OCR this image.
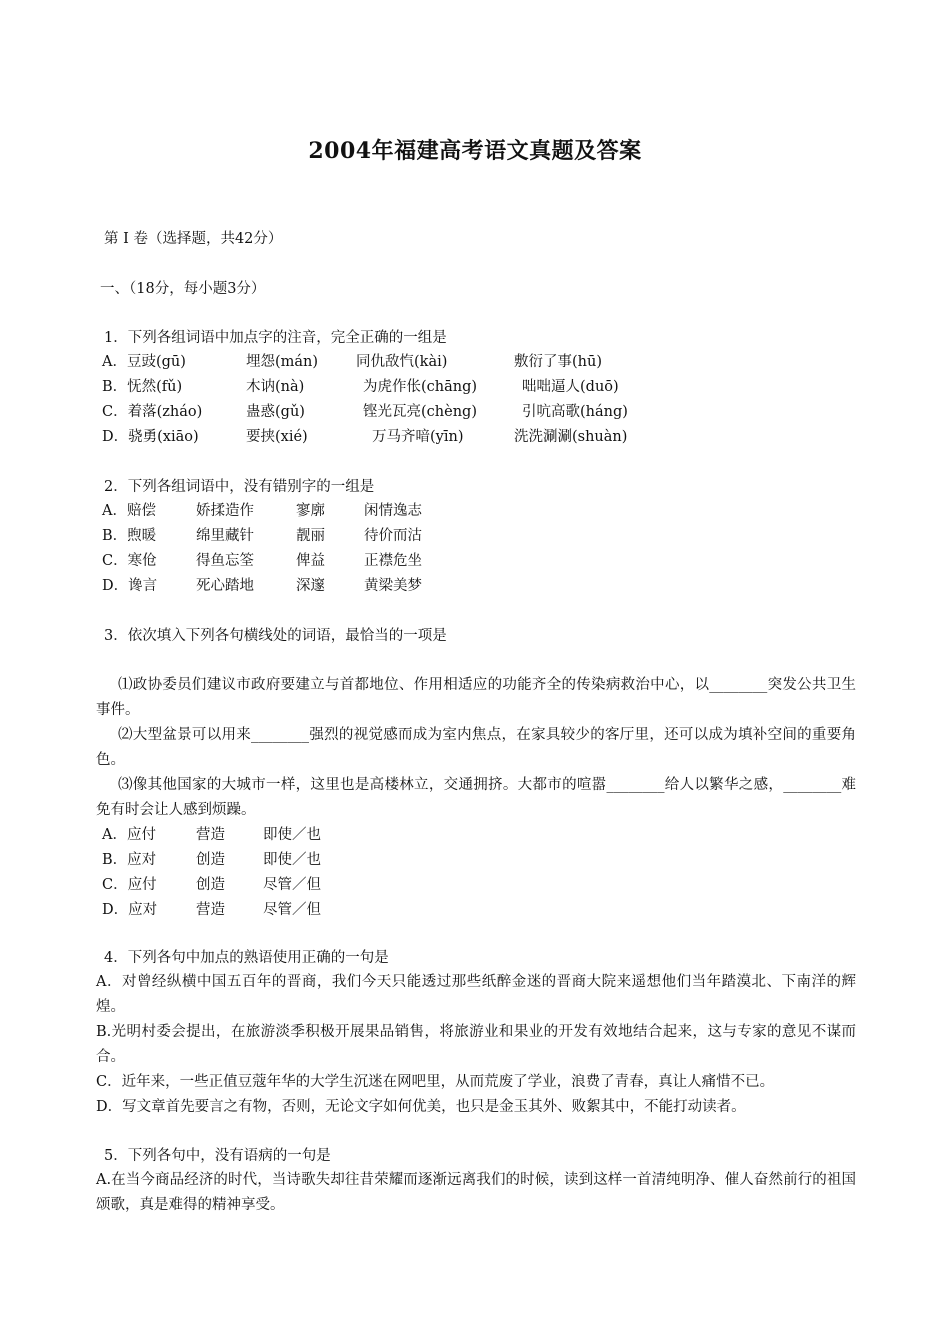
2004年福建高考语文真题及答案
第 I 卷（选择题，共42分）
一、（18分，每小题3分）
1．下列各组词语中加点字的注音，完全正确的一组是
A．豆豉(gū)	埋怨(mán)	同仇敌忾(kài)	敷衍了事(hū)
B．怃然(fǔ)	木讷(nà)	为虎作伥(chāng)	咄咄逼人(duō)
C．着落(zháo)	蛊惑(gǔ)	铿光瓦亮(chèng)	引吭高歌(háng)
D．骁勇(xiāo)	要挟(xié)	万马齐喑(yīn)	洗洗涮涮(shuàn)
2．下列各组词语中，没有错别字的一组是
A．赔偿	娇揉造作	寥廓	闲情逸志
B．煦暖	绵里藏针	靓丽	待价而沽
C．寒伧	得鱼忘筌	俾益	正襟危坐
D．谗言	死心踏地	深邃	黄梁美梦
3．依次填入下列各句横线处的词语，最恰当的一项是
⑴政协委员们建议市政府要建立与首都地位、作用相适应的功能齐全的传染病救治中心，以________突发公共卫生事件。
⑵大型盆景可以用来________强烈的视觉感而成为室内焦点，在家具较少的客厅里，还可以成为填补空间的重要角色。
⑶像其他国家的大城市一样，这里也是高楼林立，交通拥挤。大都市的喧嚣________给人以繁华之感，________难免有时会让人感到烦躁。
A．应付	营造	即使／也
B．应对	创造	即使／也
C．应付	创造	尽管／但
D．应对	营造	尽管／但
4．下列各句中加点的熟语使用正确的一句是
A．对曾经纵横中国五百年的晋商，我们今天只能透过那些纸醉金迷的晋商大院来遥想他们当年踏漠北、下南洋的辉煌。
B.光明村委会提出，在旅游淡季积极开展果品销售，将旅游业和果业的开发有效地结合起来，这与专家的意见不谋而合。
C．近年来，一些正值豆蔻年华的大学生沉迷在网吧里，从而荒废了学业，浪费了青春，真让人痛惜不已。
D．写文章首先要言之有物，否则，无论文字如何优美，也只是金玉其外、败絮其中，不能打动读者。
5．下列各句中，没有语病的一句是
A.在当今商品经济的时代，当诗歌失却往昔荣耀而逐渐远离我们的时候，读到这样一首清纯明净、催人奋然前行的祖国颂歌，真是难得的精神享受。
